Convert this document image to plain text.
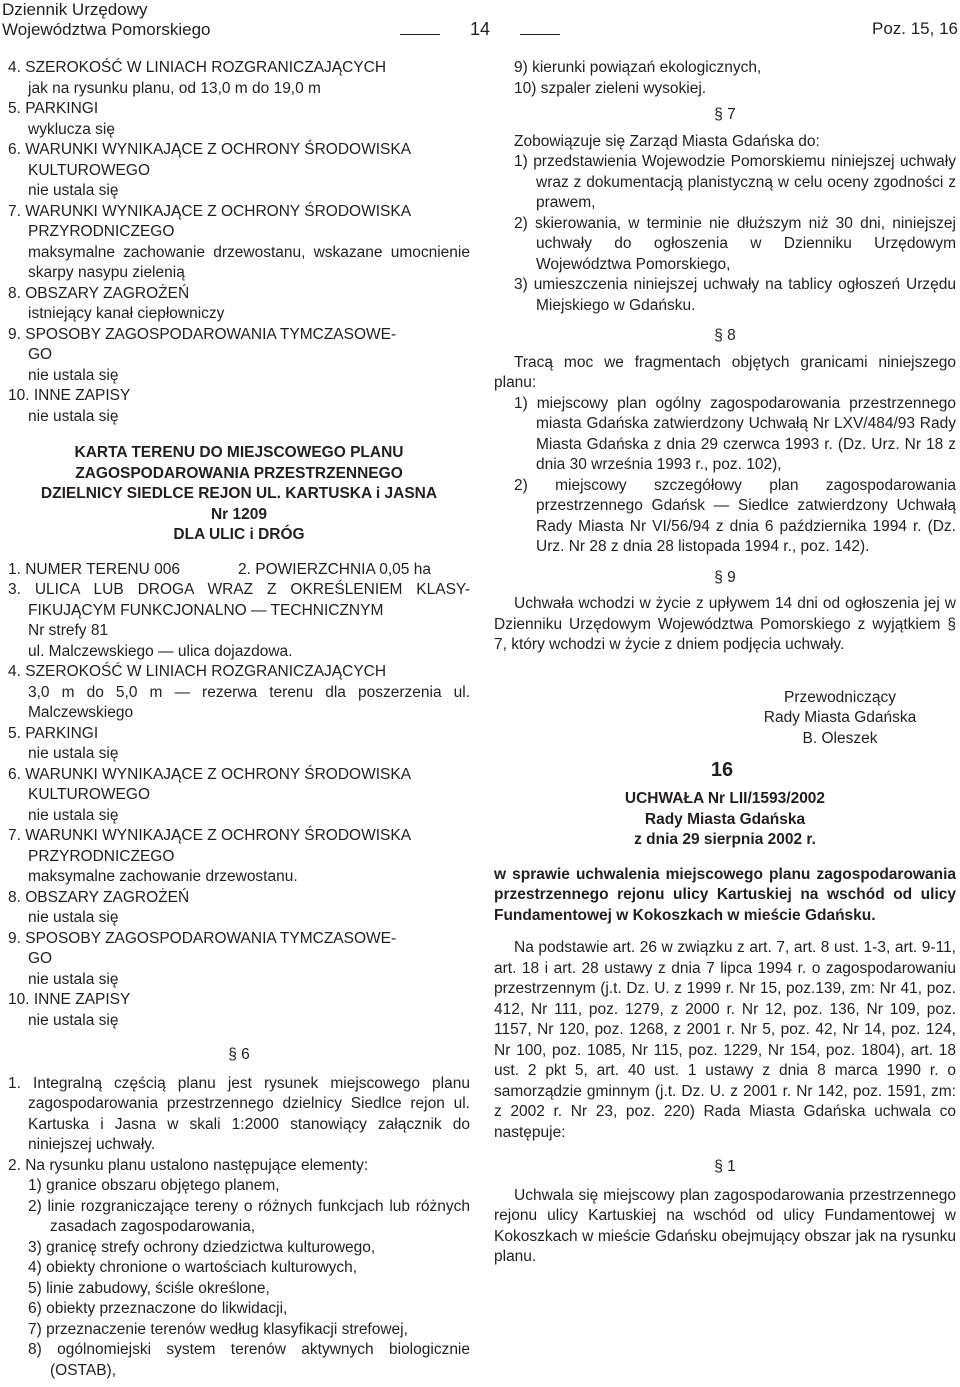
Dziennik Urzędowy
Województwa Pomorskiego	14	Poz. 15, 16

4. SZEROKOŚĆ W LINIACH ROZGRANICZAJĄCYCH

jak na rysunku planu, od 13,0 m do 19,0 m

5. PARKINGI

wyklucza się

6. WARUNKI WYNIKAJĄCE Z OCHRONY ŚRODOWISKA

KULTUROWEGO

nie ustala się

7. WARUNKI WYNIKAJĄCE Z OCHRONY ŚRODOWISKA

PRZYRODNICZEGO

maksymalne zachowanie drzewostanu, wskazane umocnienie skarpy nasypu zielenią

8. OBSZARY ZAGROŻEŃ

istniejący kanał ciepłowniczy

9. SPOSOBY ZAGOSPODAROWANIA TYMCZASOWE-

GO

nie ustala się

10. INNE ZAPISY

nie ustala się

KARTA TERENU DO MIEJSCOWEGO PLANU

ZAGOSPODAROWANIA PRZESTRZENNEGO

DZIELNICY SIEDLCE REJON UL. KARTUSKA i JASNA

Nr 1209

DLA ULIC i DRÓG

1. NUMER TERENU 006	2. POWIERZCHNIA 0,05 ha

3. ULICA LUB DROGA WRAZ Z OKREŚLENIEM KLASY-FIKUJĄCYM FUNKCJONALNO — TECHNICZNYM

Nr strefy 81

ul. Malczewskiego — ulica dojazdowa.

4. SZEROKOŚĆ W LINIACH ROZGRANICZAJĄCYCH

3,0 m do 5,0 m — rezerwa terenu dla poszerzenia ul. Malczewskiego

5. PARKINGI

nie ustala się

6. WARUNKI WYNIKAJĄCE Z OCHRONY ŚRODOWISKA

KULTUROWEGO

nie ustala się

7. WARUNKI WYNIKAJĄCE Z OCHRONY ŚRODOWISKA

PRZYRODNICZEGO

maksymalne zachowanie drzewostanu.

8. OBSZARY ZAGROŻEŃ

nie ustala się

9. SPOSOBY ZAGOSPODAROWANIA TYMCZASOWE-

GO

nie ustala się

10. INNE ZAPISY

nie ustala się

§ 6

1. Integralną częścią planu jest rysunek miejscowego planu zagospodarowania przestrzennego dzielnicy Siedlce rejon ul. Kartuska i Jasna w skali 1:2000 stanowiący załącznik do niniejszej uchwały.

2. Na rysunku planu ustalono następujące elementy:

1) granice obszaru objętego planem,

2) linie rozgraniczające tereny o różnych funkcjach lub różnych zasadach zagospodarowania,

3) granicę strefy ochrony dziedzictwa kulturowego,

4) obiekty chronione o wartościach kulturowych,

5) linie zabudowy, ściśle określone,

6) obiekty przeznaczone do likwidacji,

7) przeznaczenie terenów według klasyfikacji strefowej,

8) ogólnomiejski system terenów aktywnych biologicznie (OSTAB),

9) kierunki powiązań ekologicznych,

10) szpaler zieleni wysokiej.

§ 7

Zobowiązuje się Zarząd Miasta Gdańska do:

1) przedstawienia Wojewodzie Pomorskiemu niniejszej uchwały wraz z dokumentacją planistyczną w celu oceny zgodności z prawem,

2) skierowania, w terminie nie dłuższym niż 30 dni, niniejszej uchwały do ogłoszenia w Dzienniku Urzędowym Województwa Pomorskiego,

3) umieszczenia niniejszej uchwały na tablicy ogłoszeń Urzędu Miejskiego w Gdańsku.

§ 8

Tracą moc we fragmentach objętych granicami niniejszego planu:

1) miejscowy plan ogólny zagospodarowania przestrzennego miasta Gdańska zatwierdzony Uchwałą Nr LXV/484/93 Rady Miasta Gdańska z dnia 29 czerwca 1993 r. (Dz. Urz. Nr 18 z dnia 30 września 1993 r., poz. 102),

2) miejscowy szczegółowy plan zagospodarowania przestrzennego Gdańsk — Siedlce zatwierdzony Uchwałą Rady Miasta Nr VI/56/94 z dnia 6 października 1994 r. (Dz. Urz. Nr 28 z dnia 28 listopada 1994 r., poz. 142).

§ 9

Uchwała wchodzi w życie z upływem 14 dni od ogłoszenia jej w Dzienniku Urzędowym Województwa Pomorskiego z wyjątkiem § 7, który wchodzi w życie z dniem podjęcia uchwały.

Przewodniczący

Rady Miasta Gdańska

B. Oleszek

16

UCHWAŁA Nr LII/1593/2002

Rady Miasta Gdańska

z dnia 29 sierpnia 2002 r.

w sprawie uchwalenia miejscowego planu zagospodarowania przestrzennego rejonu ulicy Kartuskiej na wschód od ulicy Fundamentowej w Kokoszkach w mieście Gdańsku.

Na podstawie art. 26 w związku z art. 7, art. 8 ust. 1-3, art. 9-11, art. 18 i art. 28 ustawy z dnia 7 lipca 1994 r. o zagospodarowaniu przestrzennym (j.t. Dz. U. z 1999 r. Nr 15, poz.139, zm: Nr 41, poz. 412, Nr 111, poz. 1279, z 2000 r. Nr 12, poz. 136, Nr 109, poz. 1157, Nr 120, poz. 1268, z 2001 r. Nr 5, poz. 42, Nr 14, poz. 124, Nr 100, poz. 1085, Nr 115, poz. 1229, Nr 154, poz. 1804), art. 18 ust. 2 pkt 5, art. 40 ust. 1 ustawy z dnia 8 marca 1990 r. o samorządzie gminnym (j.t. Dz. U. z 2001 r. Nr 142, poz. 1591, zm: z 2002 r. Nr 23, poz. 220) Rada Miasta Gdańska uchwala co następuje:

§ 1

Uchwala się miejscowy plan zagospodarowania przestrzennego rejonu ulicy Kartuskiej na wschód od ulicy Fundamentowej w Kokoszkach w mieście Gdańsku obejmujący obszar jak na rysunku planu.
